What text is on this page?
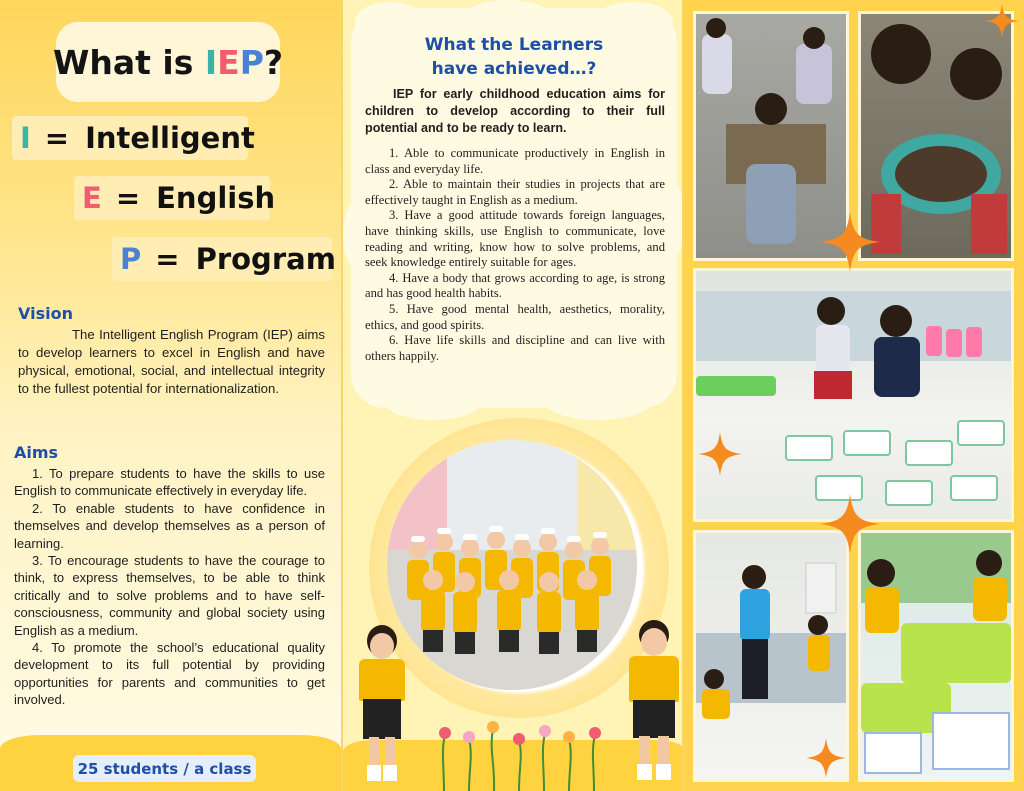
What is I E P ?
I = Intelligent
E = English
P = Program
Vision
The Intelligent English Program (IEP) aims to develop learners to excel in English and have physical, emotional, social, and intellectual integrity to the fullest potential for internationalization.
Aims

1. To prepare students to have the skills to use English to communicate effectively in everyday life.

2. To enable students to have confidence in themselves and develop themselves as a person of learning.

3. To encourage students to have the courage to think, to express themselves, to be able to think critically and to solve problems and to have self-consciousness, community and global society using English as a medium.

4. To promote the school’s educational quality development to its full potential by providing opportunities for parents and communities to get involved.

25 students / a class
What the Learners
have achieved…?
IEP for early childhood education aims for children to develop according to their full potential and to be ready to learn.

1. Able to communicate productively in English in class and everyday life.

2. Able to maintain their studies in projects that are effectively taught in English as a medium.

3. Have a good attitude towards foreign languages, have thinking skills, use English to communicate, love reading and writing, know how to solve problems, and seek knowledge entirely suitable for ages.

4. Have a body that grows according to age, is strong and has good health habits.

5. Have good mental health, aesthetics, morality, ethics, and good spirits.

6. Have life skills and discipline and can live with others happily.
